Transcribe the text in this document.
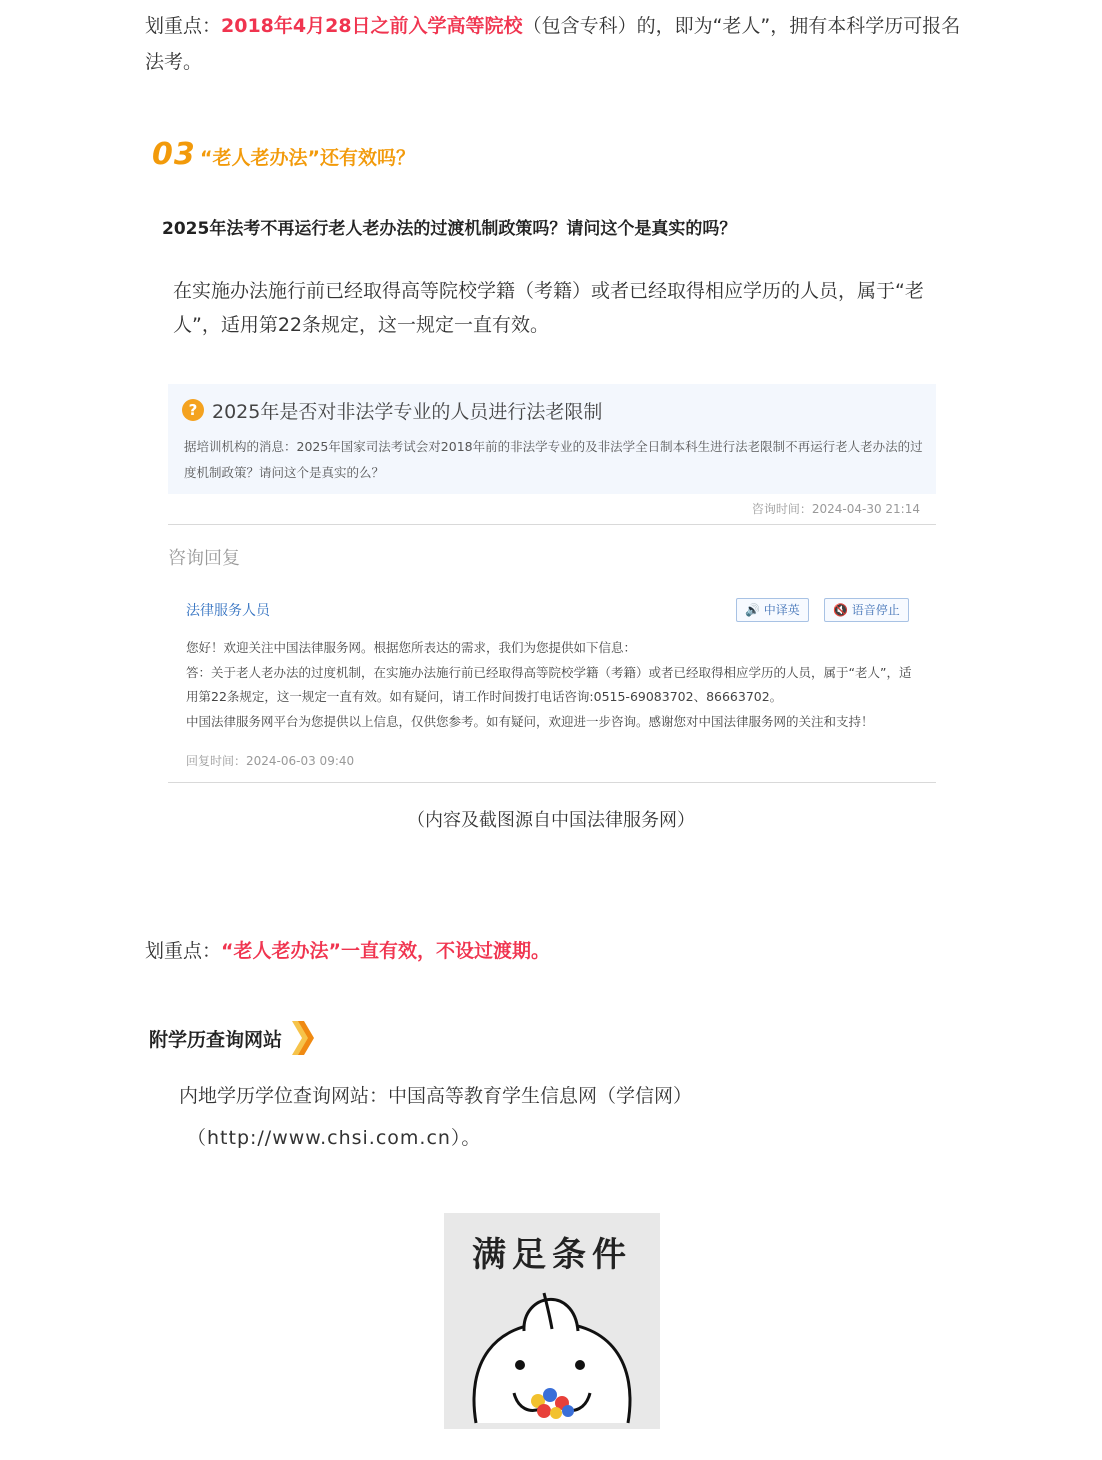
划重点：2018年4月28日之前入学高等院校（包含专科）的，即为“老人”，拥有本科学历可报名法考。
03 “老人老办法”还有效吗？
2025年法考不再运行老人老办法的过渡机制政策吗？请问这个是真实的吗？
在实施办法施行前已经取得高等院校学籍（考籍）或者已经取得相应学历的人员，属于“老人”，适用第22条规定，这一规定一直有效。
? 2025年是否对非法学专业的人员进行法老限制
据培训机构的消息：2025年国家司法考试会对2018年前的非法学专业的及非法学全日制本科生进行法老限制不再运行老人老办法的过度机制政策？请问这个是真实的么？
咨询时间：2024-04-30 21:14
咨询回复
法律服务人员	🔊 中译英	🔇 语音停止
您好！欢迎关注中国法律服务网。根据您所表达的需求，我们为您提供如下信息：
答：关于老人老办法的过度机制，在实施办法施行前已经取得高等院校学籍（考籍）或者已经取得相应学历的人员，属于“老人”，适
用第22条规定，这一规定一直有效。如有疑问，请工作时间拨打电话咨询:0515-69083702、86663702。
中国法律服务网平台为您提供以上信息，仅供您参考。如有疑问，欢迎进一步咨询。感谢您对中国法律服务网的关注和支持！
回复时间：2024-06-03 09:40
（内容及截图源自中国法律服务网）
划重点：“老人老办法”一直有效，不设过渡期。
附学历查询网站
内地学历学位查询网站：中国高等教育学生信息网（学信网）
（http://www.chsi.com.cn）。
满足条件
